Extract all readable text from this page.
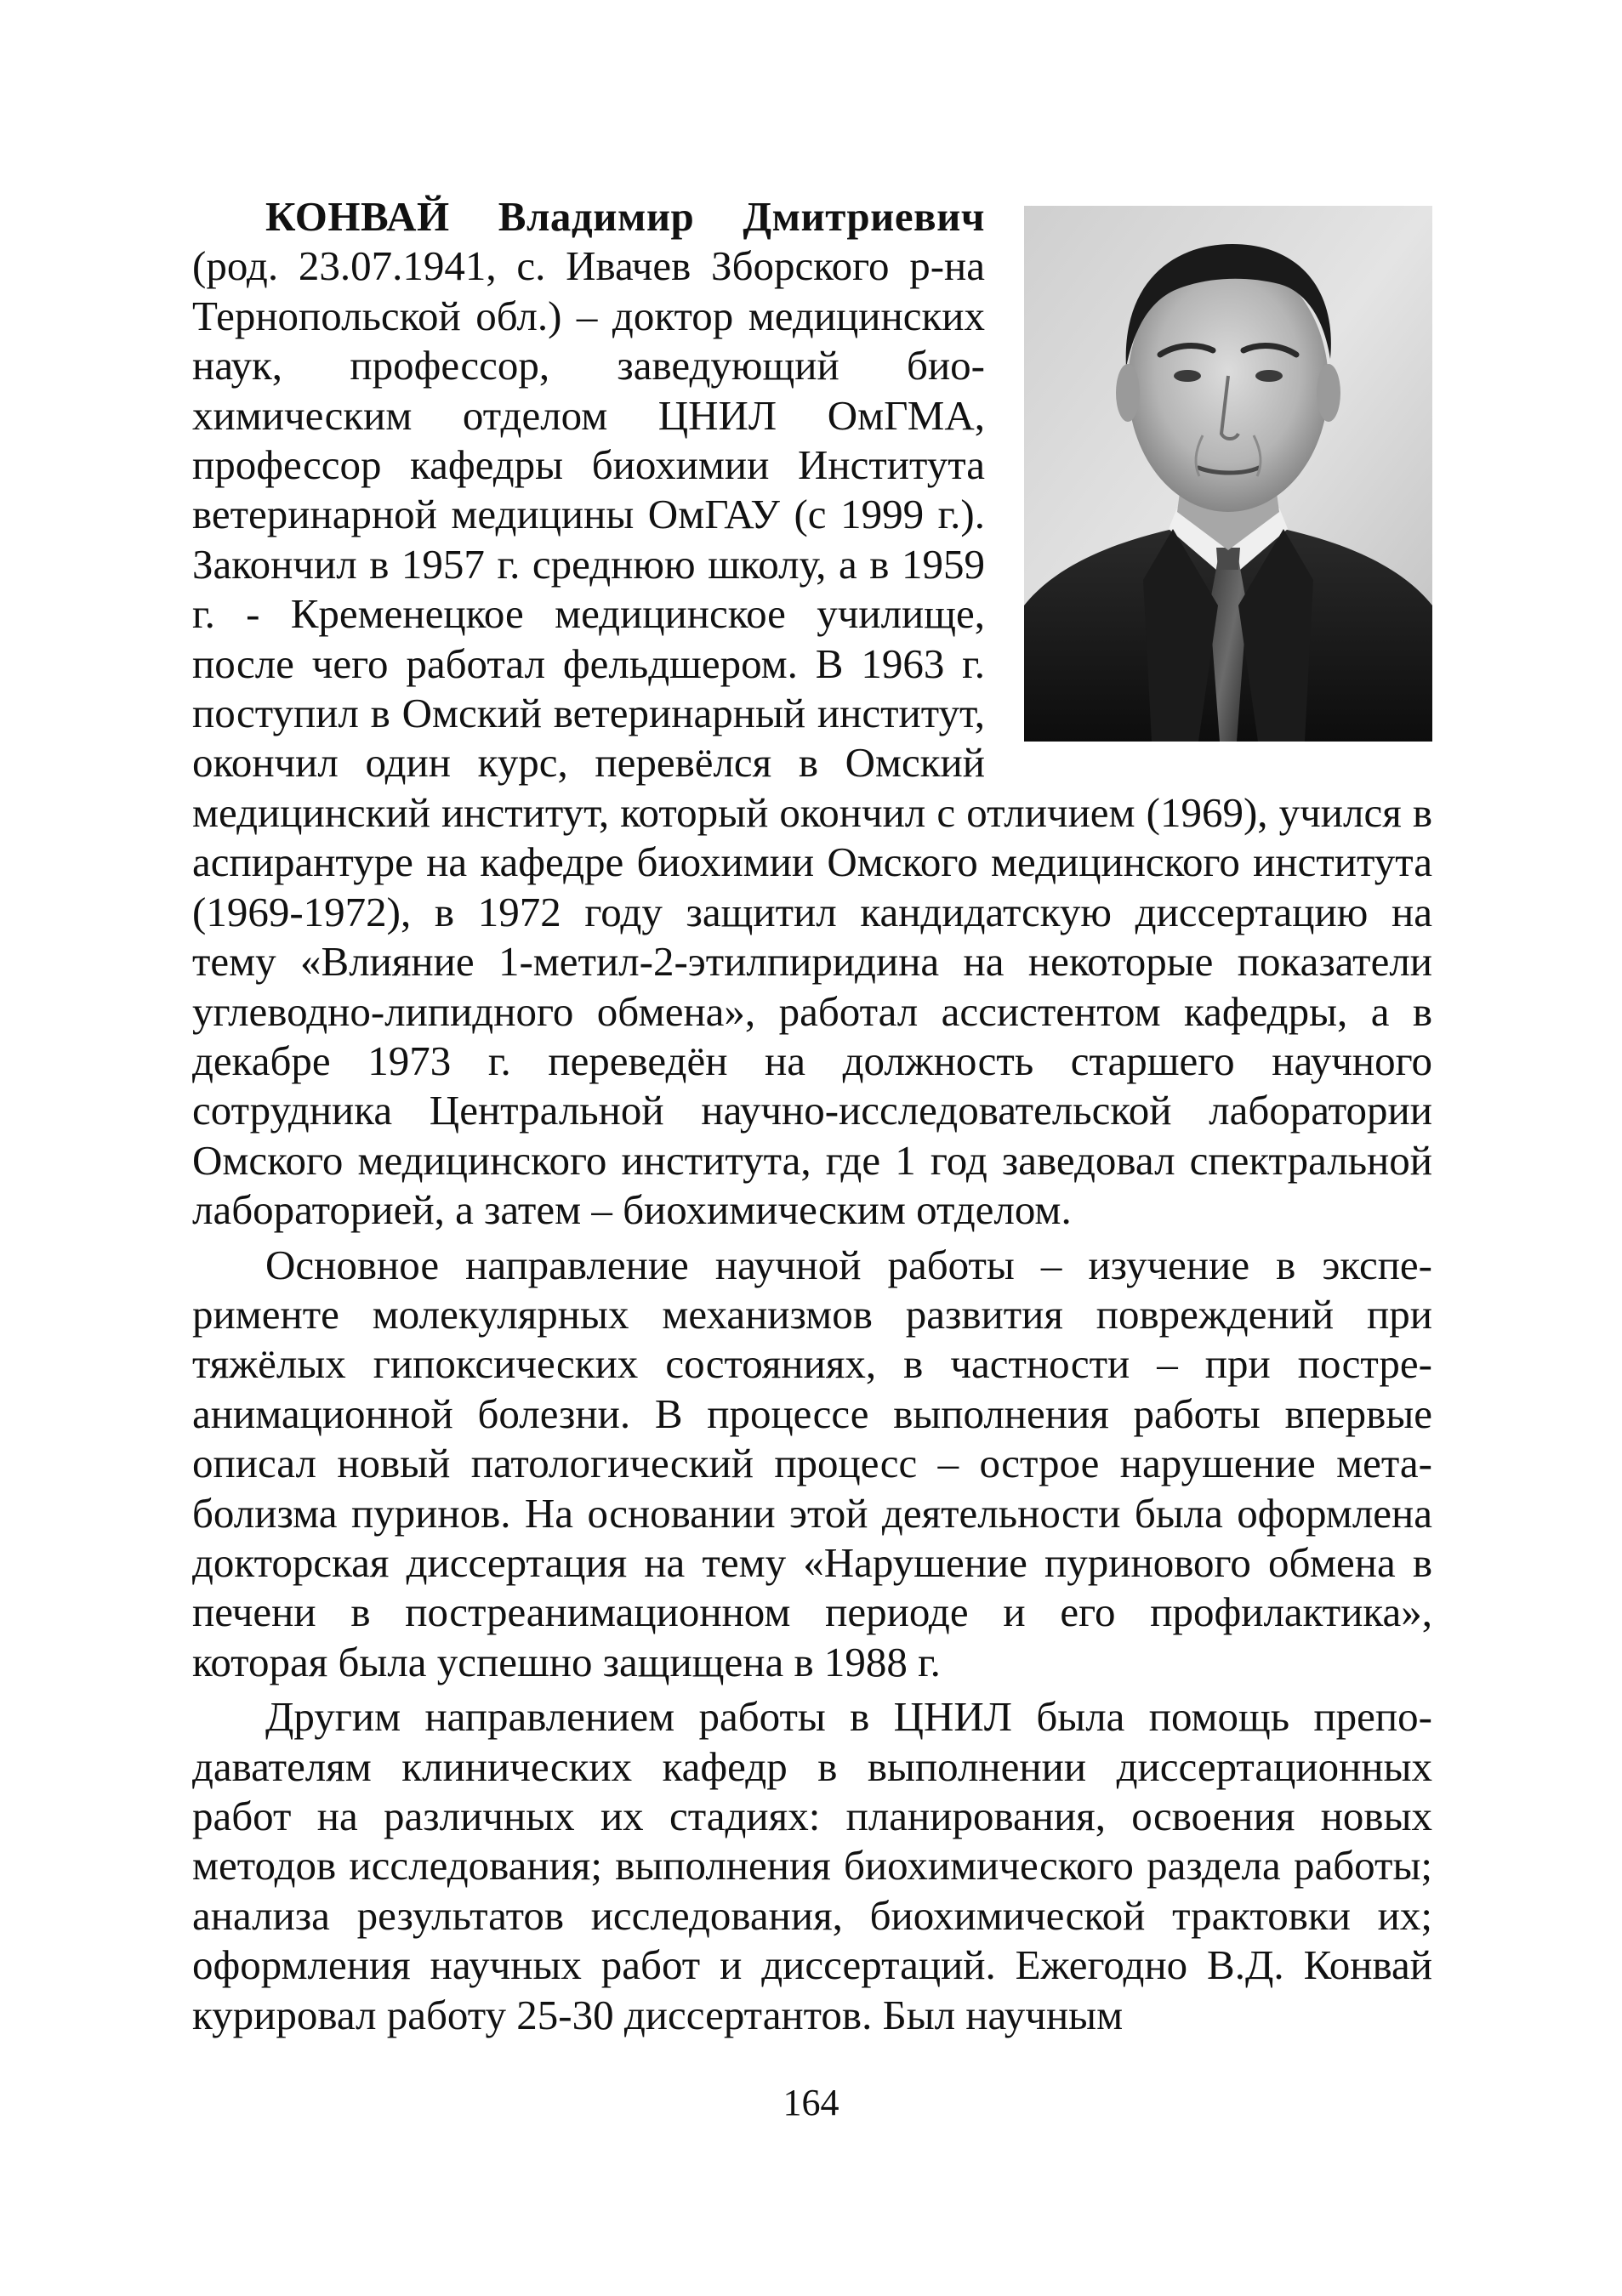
КОНВАЙ Владимир Дмитриевич (род. 23.07.1941, с. Ивачев Зборского р-на Тернопольской обл.) – доктор медицинских наук, профессор, заведующий биохимическим отделом ЦНИЛ ОмГМА, профессор кафедры биохимии Института ветеринарной медицины ОмГАУ (с 1999 г.). Закончил в 1957 г. среднюю школу, а в 1959 г. - Кременецкое медицинское училище, после чего работал фельдшером. В 1963 г. поступил в Омский ветеринарный институт, окончил один курс, перевёлся в Омский медицинский институт, который окончил с отличием (1969), учился в аспирантуре на кафедре биохимии Омского медицинского института (1969-1972), в 1972 году защитил кандидатскую диссертацию на тему «Влияние 1-метил-2-этилпиридина на некоторые показатели углеводно-липидного обмена», работал ассистентом кафедры, а в декабре 1973 г. переведён на должность старшего научного сотрудника Центральной научно-исследовательской лаборатории Омского медицинского института, где 1 год заведовал спектральной лабораторией, а затем – биохимическим отделом.

Основное направление научной работы – изучение в эксперименте молекулярных механизмов развития повреждений при тяжёлых гипоксических состояниях, в частности – при постреанимационной болезни. В процессе выполнения работы впервые описал новый патологический процесс – острое нарушение метаболизма пуринов. На основании этой деятельности была оформлена докторская диссертация на тему «Нарушение пуринового обмена в печени в постреанимационном периоде и его профилактика», которая была успешно защищена в 1988 г.

Другим направлением работы в ЦНИЛ была помощь преподавателям клинических кафедр в выполнении диссертационных работ на различных их стадиях: планирования, освоения новых методов исследования; выполнения биохимического раздела работы; анализа результатов исследования, биохимической трактовки их; оформления научных работ и диссертаций. Ежегодно В.Д. Конвай курировал работу 25-30 диссертантов. Был научным

164
